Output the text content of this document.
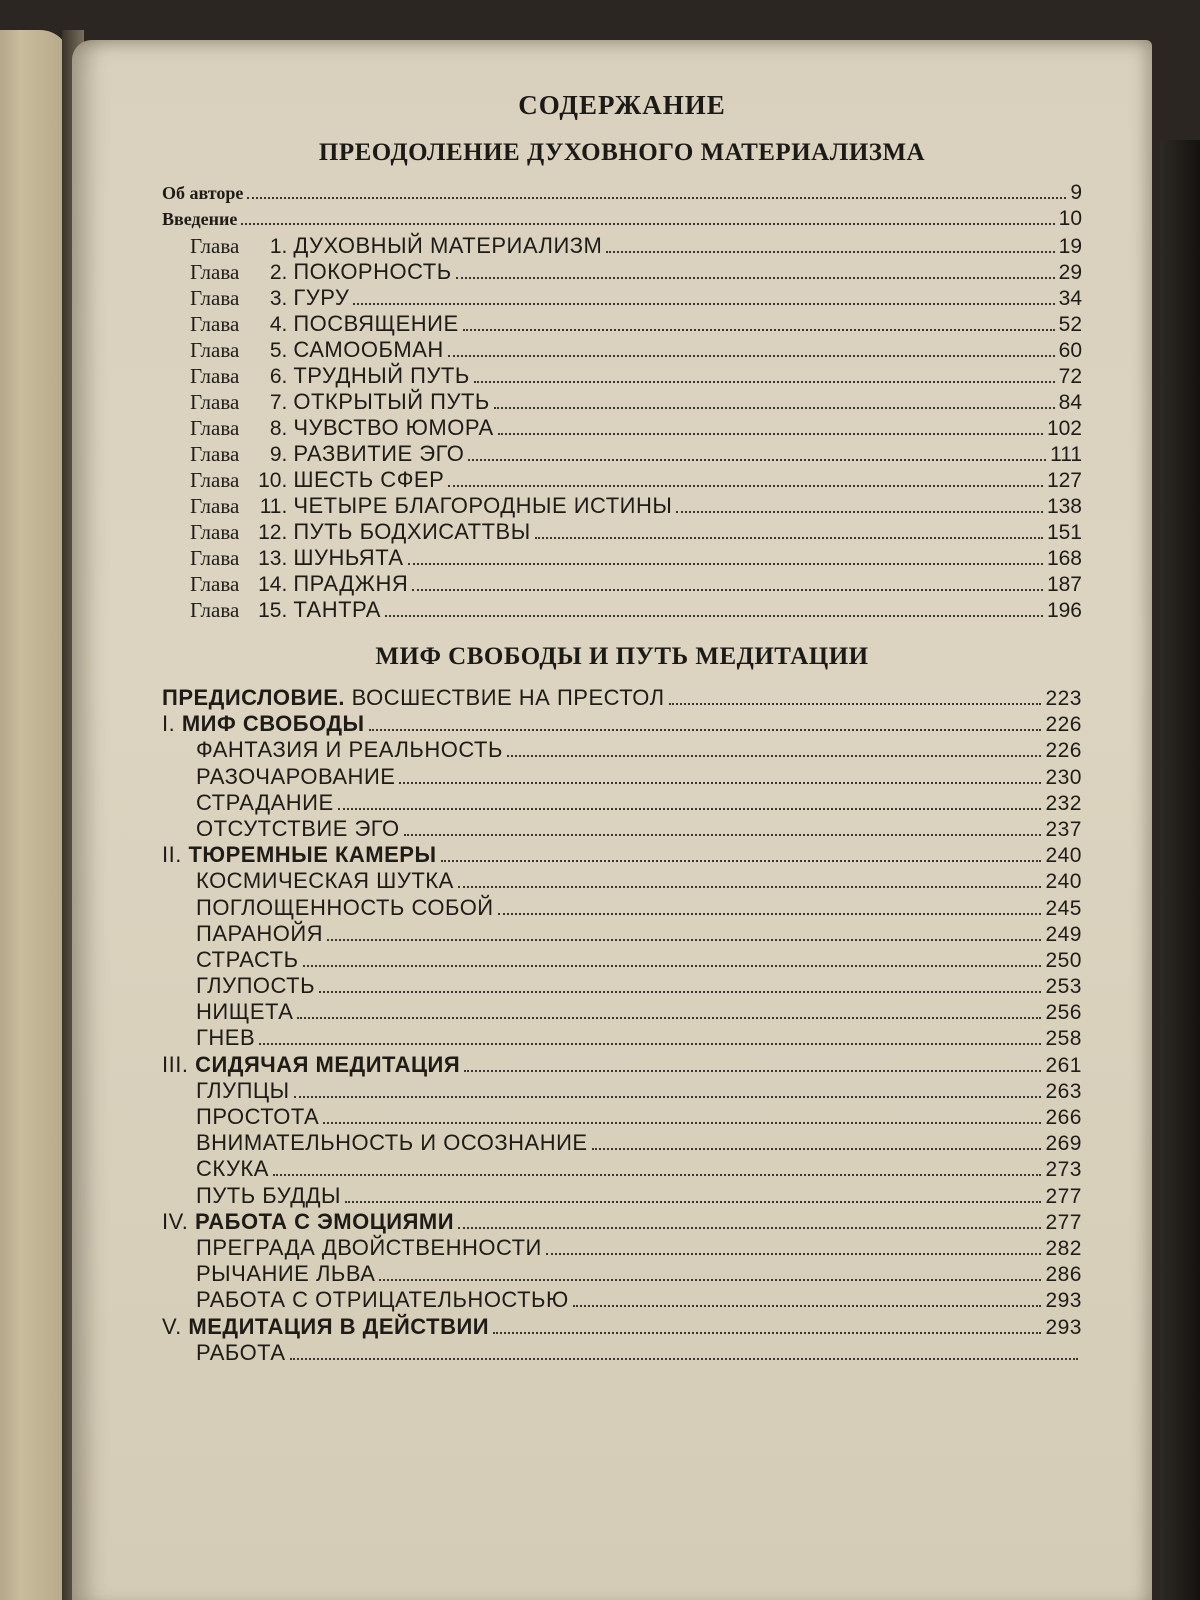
СОДЕРЖАНИЕ
ПРЕОДОЛЕНИЕ ДУХОВНОГО МАТЕРИАЛИЗМА
Об авторе	9
Введение	10
Глава	1. ДУХОВНЫЙ МАТЕРИАЛИЗМ	19
Глава	2. ПОКОРНОСТЬ	29
Глава	3. ГУРУ	34
Глава	4. ПОСВЯЩЕНИЕ	52
Глава	5. САМООБМАН	60
Глава	6. ТРУДНЫЙ ПУТЬ	72
Глава	7. ОТКРЫТЫЙ ПУТЬ	84
Глава	8. ЧУВСТВО ЮМОРА	102
Глава	9. РАЗВИТИЕ ЭГО	111
Глава 10. ШЕСТЬ СФЕР	127
Глава 11. ЧЕТЫРЕ БЛАГОРОДНЫЕ ИСТИНЫ	138
Глава 12. ПУТЬ БОДХИСАТТВЫ	151
Глава 13. ШУНЬЯТА	168
Глава 14. ПРАДЖНЯ	187
Глава 15. ТАНТРА	196
МИФ СВОБОДЫ И ПУТЬ МЕДИТАЦИИ
ПРЕДИСЛОВИЕ. ВОСШЕСТВИЕ НА ПРЕСТОЛ	223
I. МИФ СВОБОДЫ	226
ФАНТАЗИЯ И РЕАЛЬНОСТЬ	226
РАЗОЧАРОВАНИЕ	230
СТРАДАНИЕ	232
ОТСУТСТВИЕ ЭГО	237
II. ТЮРЕМНЫЕ КАМЕРЫ	240
КОСМИЧЕСКАЯ ШУТКА	240
ПОГЛОЩЕННОСТЬ СОБОЙ	245
ПАРАНОЙЯ	249
СТРАСТЬ	250
ГЛУПОСТЬ	253
НИЩЕТА	256
ГНЕВ	258
III. СИДЯЧАЯ МЕДИТАЦИЯ	261
ГЛУПЦЫ	263
ПРОСТОТА	266
ВНИМАТЕЛЬНОСТЬ И ОСОЗНАНИЕ	269
СКУКА	273
ПУТЬ БУДДЫ	277
IV. РАБОТА С ЭМОЦИЯМИ	277
ПРЕГРАДА ДВОЙСТВЕННОСТИ	282
РЫЧАНИЕ ЛЬВА	286
РАБОТА С ОТРИЦАТЕЛЬНОСТЬЮ	293
V. МЕДИТАЦИЯ В ДЕЙСТВИИ	293
РАБОТА
